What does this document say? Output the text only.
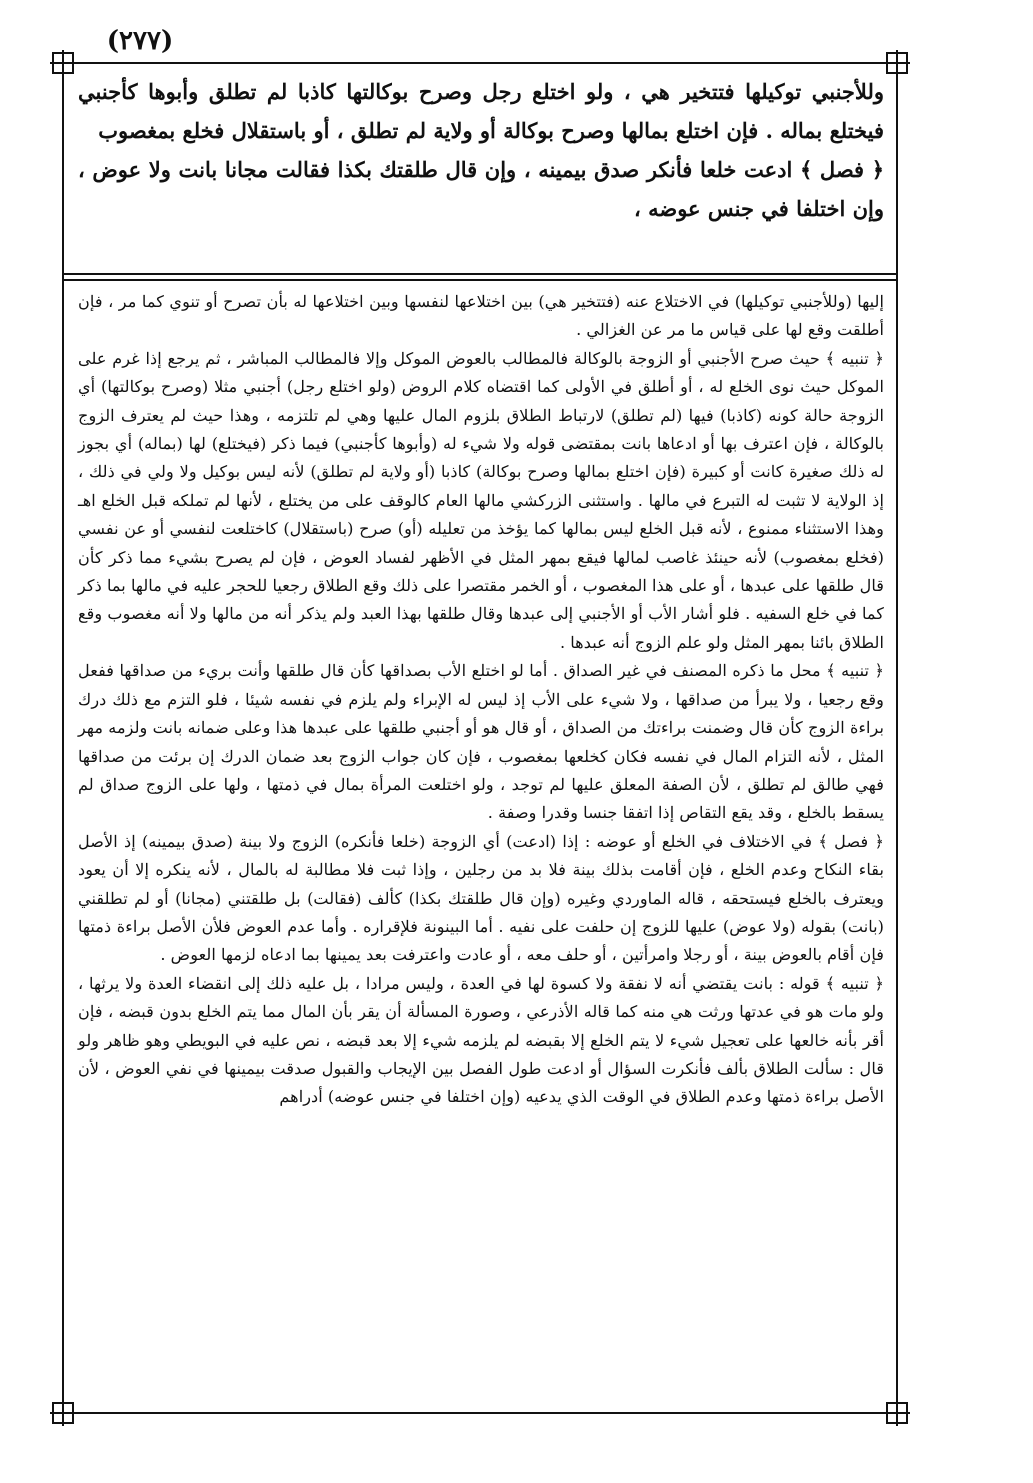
(٢٧٧)

وللأجنبي توكيلها فتتخير هي ، ولو اختلع رجل وصرح بوكالتها كاذبا لم تطلق وأبوها كأجنبي فيختلع بماله . فإن اختلع بمالها وصرح بوكالة أو ولاية لم تطلق ، أو باستقلال فخلع بمغصوب

﴿ فصل ﴾ ادعت خلعا فأنكر صدق بيمينه ، وإن قال طلقتك بكذا فقالت مجانا بانت ولا عوض ، وإن اختلفا في جنس عوضه ،

إليها (وللأجنبي توكيلها) في الاختلاع عنه (فتتخير هي) بين اختلاعها لنفسها وبين اختلاعها له بأن تصرح أو تنوي كما مر ، فإن أطلقت وقع لها على قياس ما مر عن الغزالي .

﴿ تنبيه ﴾ حيث صرح الأجنبي أو الزوجة بالوكالة فالمطالب بالعوض الموكل وإلا فالمطالب المباشر ، ثم يرجع إذا غرم على الموكل حيث نوى الخلع له ، أو أطلق في الأولى كما اقتضاه كلام الروض (ولو اختلع رجل) أجنبي مثلا (وصرح بوكالتها) أي الزوجة حالة كونه (كاذبا) فيها (لم تطلق) لارتباط الطلاق بلزوم المال عليها وهي لم تلتزمه ، وهذا حيث لم يعترف الزوج بالوكالة ، فإن اعترف بها أو ادعاها بانت بمقتضى قوله ولا شيء له (وأبوها كأجنبي) فيما ذكر (فيختلع) لها (بماله) أي بجوز له ذلك صغيرة كانت أو كبيرة (فإن اختلع بمالها وصرح بوكالة) كاذبا (أو ولاية لم تطلق) لأنه ليس بوكيل ولا ولي في ذلك ، إذ الولاية لا تثبت له التبرع في مالها . واستثنى الزركشي مالها العام كالوقف على من يختلع ، لأنها لم تملكه قبل الخلع اهـ وهذا الاستثناء ممنوع ، لأنه قبل الخلع ليس بمالها كما يؤخذ من تعليله (أو) صرح (باستقلال) كاختلعت لنفسي أو عن نفسي (فخلع بمغصوب) لأنه حينئذ غاصب لمالها فيقع بمهر المثل في الأظهر لفساد العوض ، فإن لم يصرح بشيء مما ذكر كأن قال طلقها على عبدها ، أو على هذا المغصوب ، أو الخمر مقتصرا على ذلك وقع الطلاق رجعيا للحجر عليه في مالها بما ذكر كما في خلع السفيه . فلو أشار الأب أو الأجنبي إلى عبدها وقال طلقها بهذا العبد ولم يذكر أنه من مالها ولا أنه مغصوب وقع الطلاق بائنا بمهر المثل ولو علم الزوج أنه عبدها .

﴿ تنبيه ﴾ محل ما ذكره المصنف في غير الصداق . أما لو اختلع الأب بصداقها كأن قال طلقها وأنت بريء من صداقها ففعل وقع رجعيا ، ولا يبرأ من صداقها ، ولا شيء على الأب إذ ليس له الإبراء ولم يلزم في نفسه شيئا ، فلو التزم مع ذلك درك براءة الزوج كأن قال وضمنت براءتك من الصداق ، أو قال هو أو أجنبي طلقها على عبدها هذا وعلى ضمانه بانت ولزمه مهر المثل ، لأنه التزام المال في نفسه فكان كخلعها بمغصوب ، فإن كان جواب الزوج بعد ضمان الدرك إن برئت من صداقها فهي طالق لم تطلق ، لأن الصفة المعلق عليها لم توجد ، ولو اختلعت المرأة بمال في ذمتها ، ولها على الزوج صداق لم يسقط بالخلع ، وقد يقع التقاص إذا اتفقا جنسا وقدرا وصفة .

﴿ فصل ﴾ في الاختلاف في الخلع أو عوضه : إذا (ادعت) أي الزوجة (خلعا فأنكره) الزوج ولا بينة (صدق بيمينه) إذ الأصل بقاء النكاح وعدم الخلع ، فإن أقامت بذلك بينة فلا بد من رجلين ، وإذا ثبت فلا مطالبة له بالمال ، لأنه ينكره إلا أن يعود ويعترف بالخلع فيستحقه ، قاله الماوردي وغيره (وإن قال طلقتك بكذا) كألف (فقالت) بل طلقتني (مجانا) أو لم تطلقني (بانت) بقوله (ولا عوض) عليها للزوج إن حلفت على نفيه . أما البينونة فلإقراره . وأما عدم العوض فلأن الأصل براءة ذمتها فإن أقام بالعوض بينة ، أو رجلا وامرأتين ، أو حلف معه ، أو عادت واعترفت بعد يمينها بما ادعاه لزمها العوض .

﴿ تنبيه ﴾ قوله : بانت يقتضي أنه لا نفقة ولا كسوة لها في العدة ، وليس مرادا ، بل عليه ذلك إلى انقضاء العدة ولا يرثها ، ولو مات هو في عدتها ورثت هي منه كما قاله الأذرعي ، وصورة المسألة أن يقر بأن المال مما يتم الخلع بدون قبضه ، فإن أقر بأنه خالعها على تعجيل شيء لا يتم الخلع إلا بقبضه لم يلزمه شيء إلا بعد قبضه ، نص عليه في البويطي وهو ظاهر ولو قال : سألت الطلاق بألف فأنكرت السؤال أو ادعت طول الفصل بين الإيجاب والقبول صدقت بيمينها في نفي العوض ، لأن الأصل براءة ذمتها وعدم الطلاق في الوقت الذي يدعيه (وإن اختلفا في جنس عوضه) أدراهم
